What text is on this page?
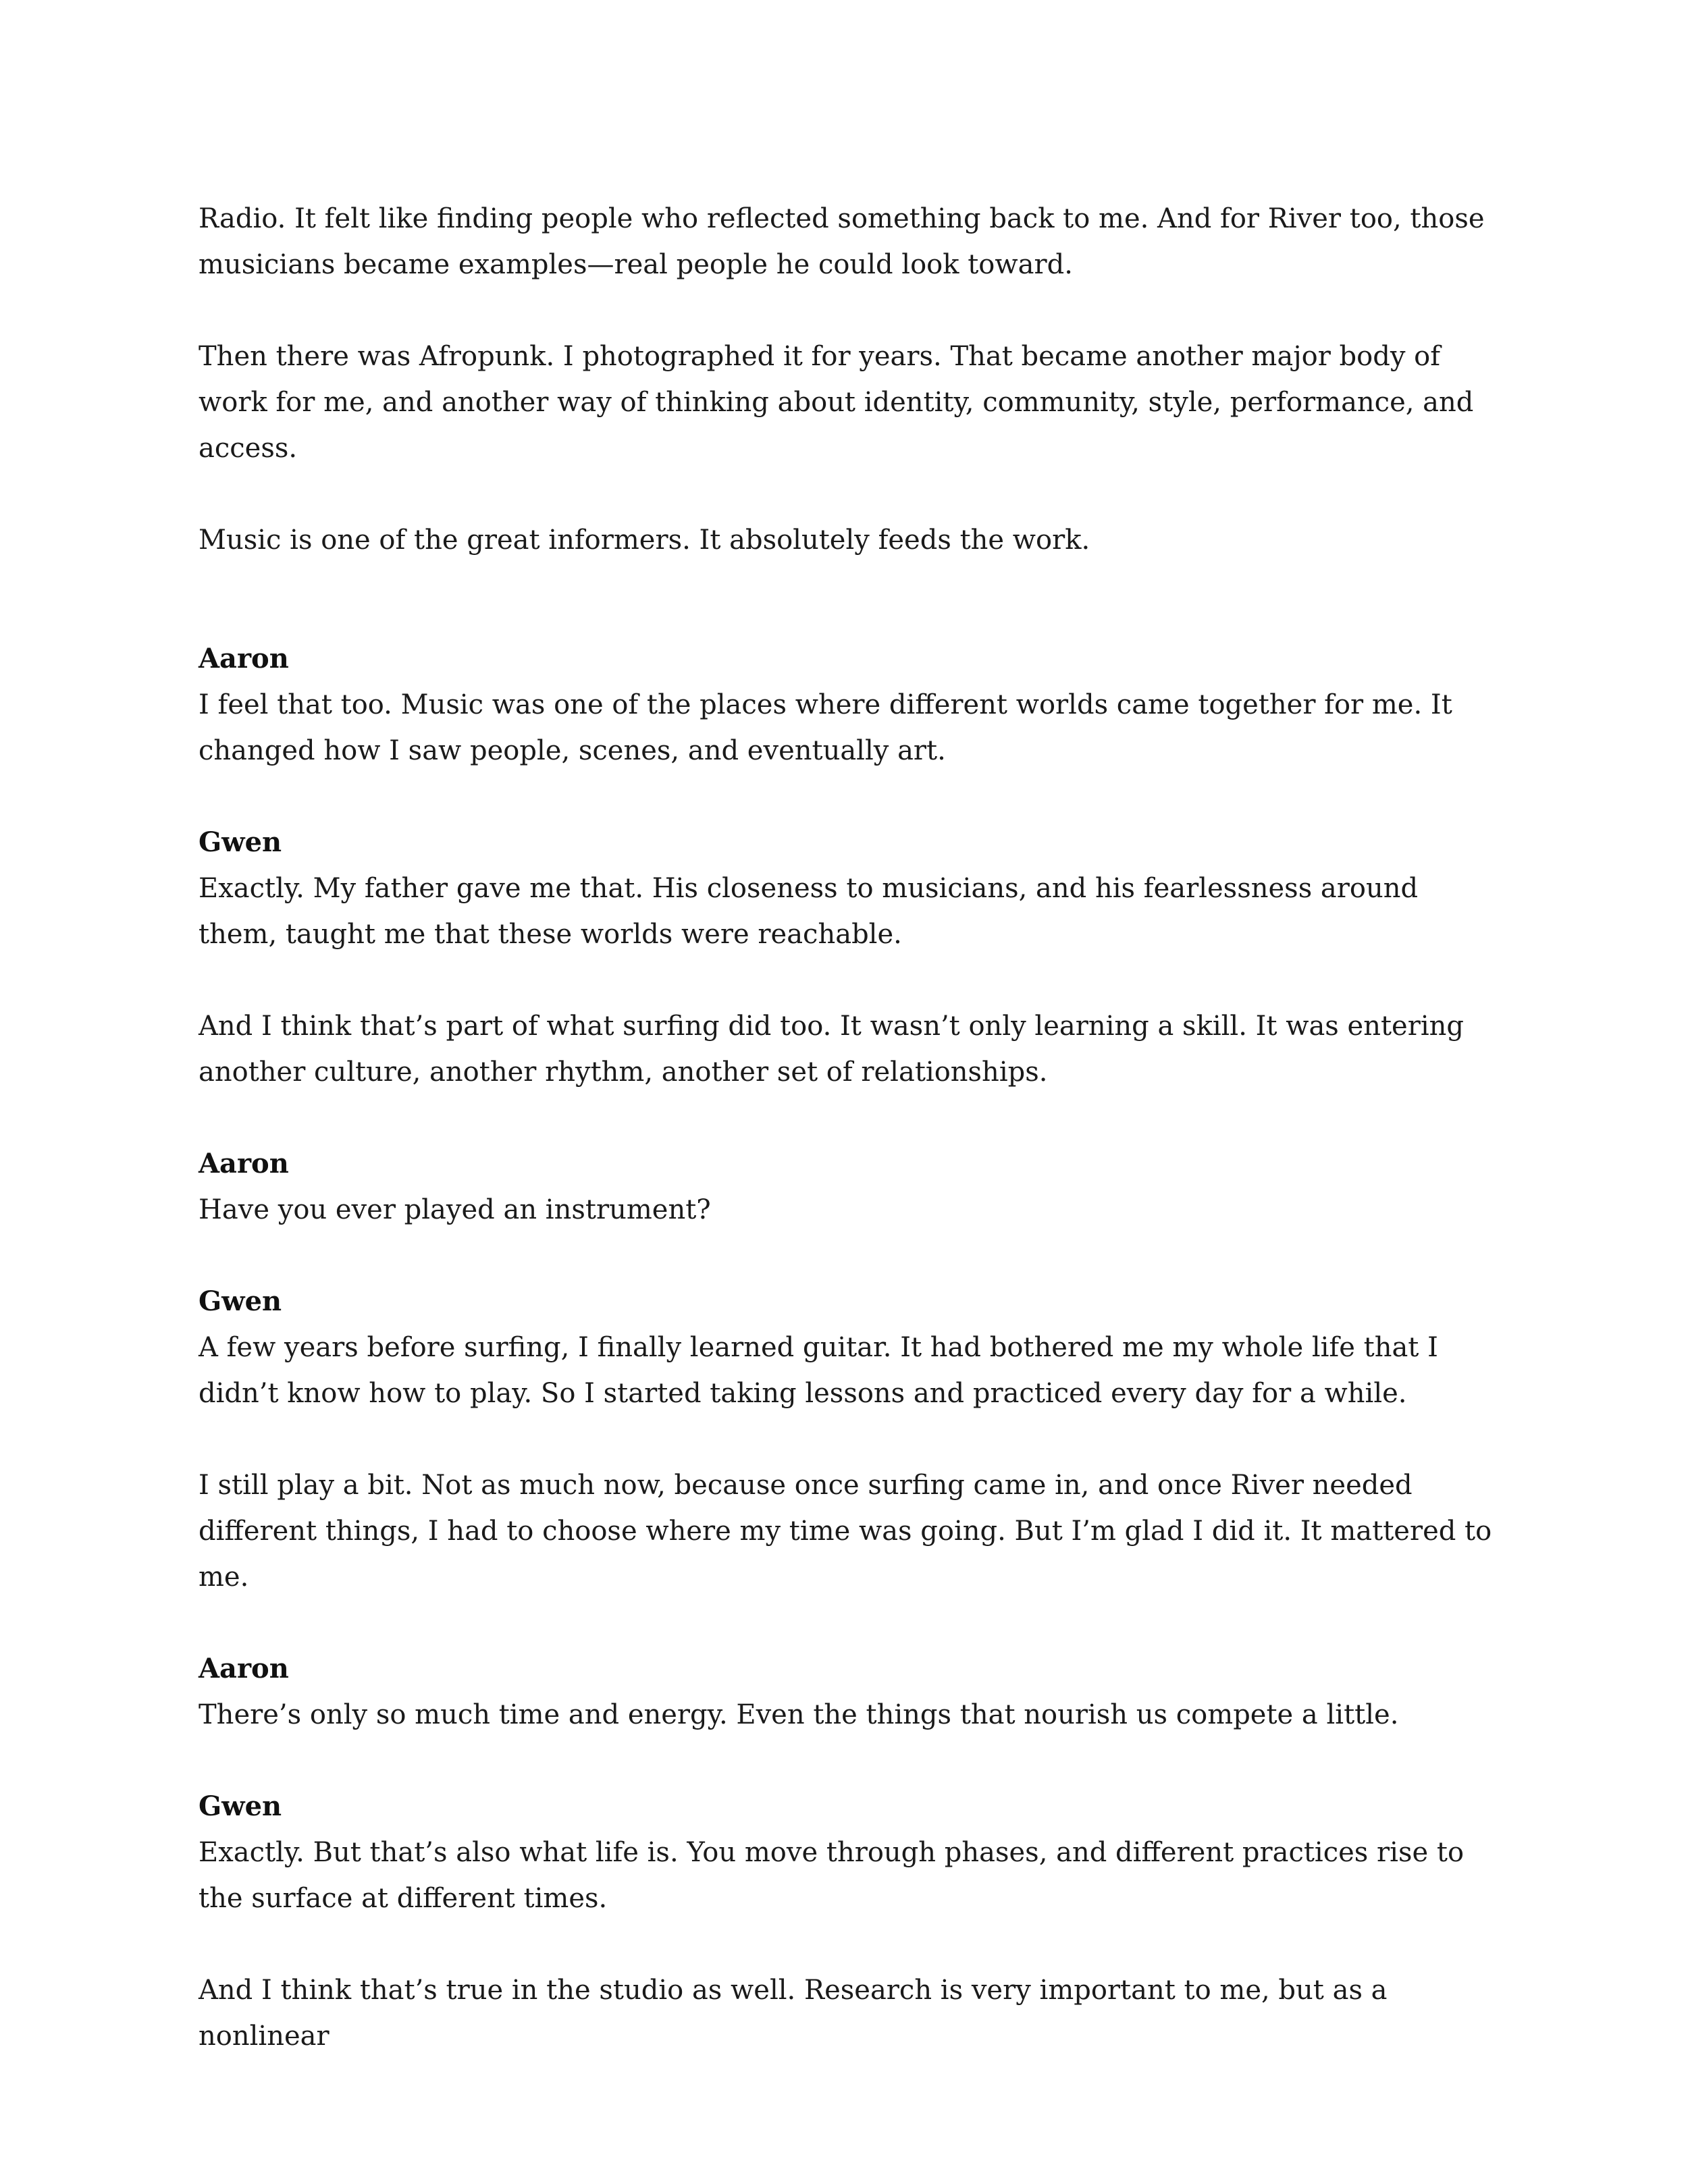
Radio. It felt like finding people who reflected something back to me. And for River too, those musicians became examples—real people he could look toward.

Then there was Afropunk. I photographed it for years. That became another major body of work for me, and another way of thinking about identity, community, style, performance, and access.

Music is one of the great informers. It absolutely feeds the work.

Aaron

I feel that too. Music was one of the places where different worlds came together for me. It changed how I saw people, scenes, and eventually art.

Gwen

Exactly. My father gave me that. His closeness to musicians, and his fearlessness around them, taught me that these worlds were reachable.

And I think that’s part of what surfing did too. It wasn’t only learning a skill. It was entering another culture, another rhythm, another set of relationships.

Aaron

Have you ever played an instrument?

Gwen

A few years before surfing, I finally learned guitar. It had bothered me my whole life that I didn’t know how to play. So I started taking lessons and practiced every day for a while.

I still play a bit. Not as much now, because once surfing came in, and once River needed different things, I had to choose where my time was going. But I’m glad I did it. It mattered to me.

Aaron

There’s only so much time and energy. Even the things that nourish us compete a little.

Gwen

Exactly. But that’s also what life is. You move through phases, and different practices rise to the surface at different times.

And I think that’s true in the studio as well. Research is very important to me, but as a nonlinear
